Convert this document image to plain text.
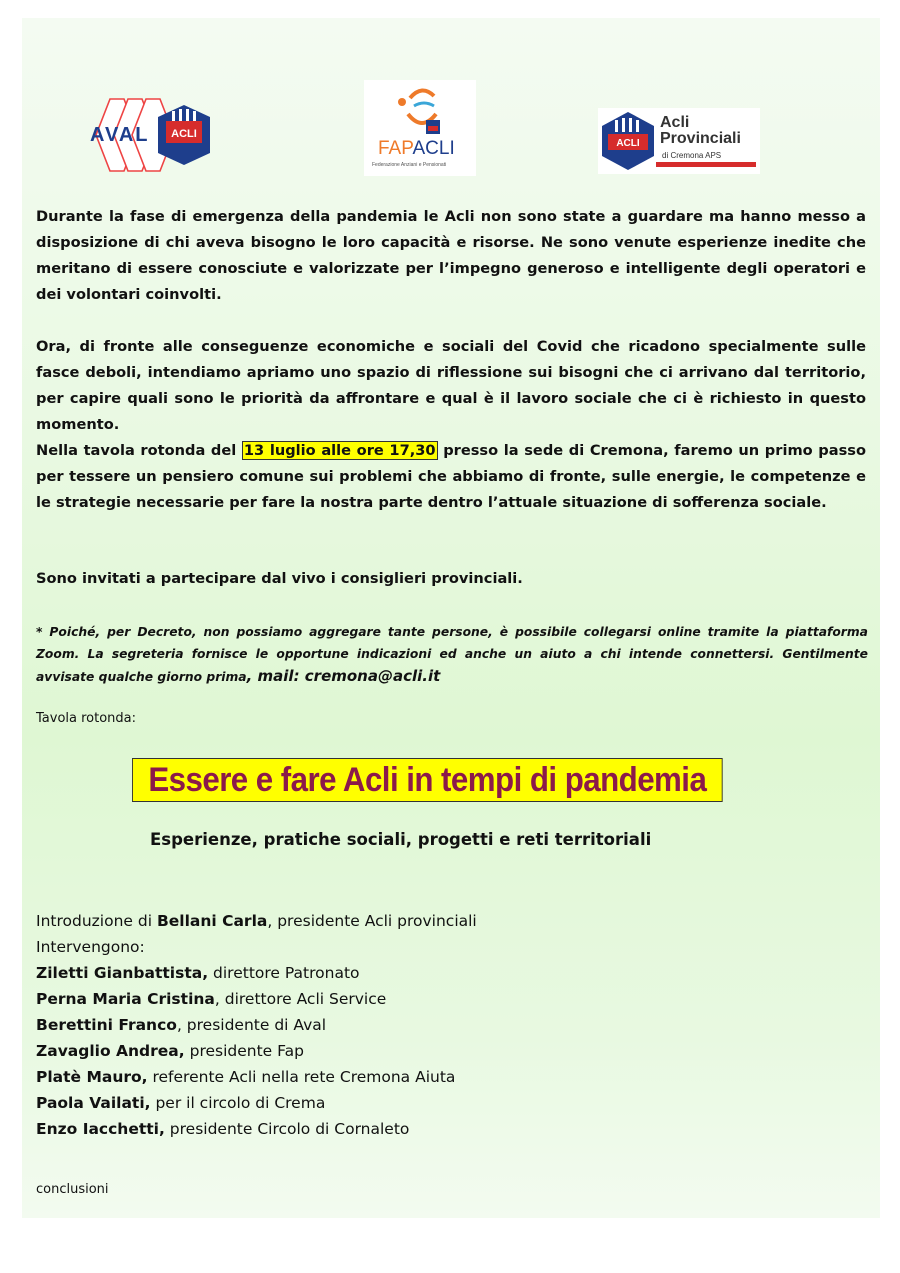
AVAL ACLI
FAPACLI
Federazione Anziani e Pensionati
ACLI
Acli
Provinciali
di Cremona APS

Durante la fase di emergenza della pandemia le Acli non sono state a guardare ma hanno messo a disposizione di chi aveva bisogno le loro capacità e risorse. Ne sono venute esperienze inedite che meritano di essere conosciute e valorizzate per l’impegno generoso e intelligente degli operatori e dei volontari coinvolti.

Ora, di fronte alle conseguenze economiche e sociali del Covid che ricadono specialmente sulle fasce deboli, intendiamo apriamo uno spazio di riflessione sui bisogni che ci arrivano dal territorio, per capire quali sono le priorità da affrontare e qual è il lavoro sociale che ci è richiesto in questo momento.

Nella tavola rotonda del 13 luglio alle ore 17,30 presso la sede di Cremona, faremo un primo passo per tessere un pensiero comune sui problemi che abbiamo di fronte, sulle energie, le competenze e le strategie necessarie per fare la nostra parte dentro l’attuale situazione di sofferenza sociale.

Sono invitati a partecipare dal vivo i consiglieri provinciali.

* Poiché, per Decreto, non possiamo aggregare tante persone, è possibile collegarsi online tramite la piattaforma Zoom. La segreteria fornisce le opportune indicazioni ed anche un aiuto a chi intende connettersi. Gentilmente avvisate qualche giorno prima, mail: cremona@acli.it

Tavola rotonda:
Essere e fare Acli in tempi di pandemia
Esperienze, pratiche sociali, progetti e reti territoriali
Introduzione di Bellani Carla, presidente Acli provinciali
Intervengono:
Ziletti Gianbattista, direttore Patronato
Perna Maria Cristina, direttore Acli Service
Berettini Franco, presidente di Aval
Zavaglio Andrea, presidente Fap
Platè Mauro, referente Acli nella rete Cremona Aiuta
Paola Vailati, per il circolo di Crema
Enzo Iacchetti, presidente Circolo di Cornaleto
conclusioni
